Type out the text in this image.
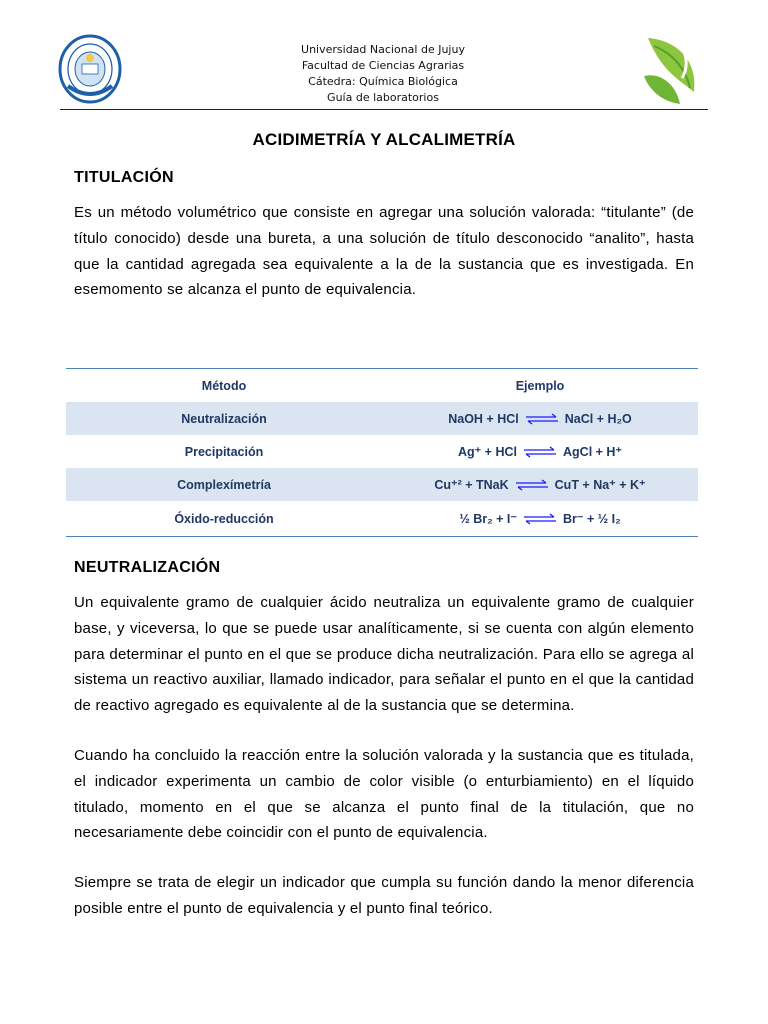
Universidad Nacional de Jujuy
Facultad de Ciencias Agrarias
Cátedra: Química Biológica
Guía de laboratorios
ACIDIMETRÍA Y ALCALIMETRÍA
TITULACIÓN
Es un método volumétrico que consiste en agregar una solución valorada: “titulante” (de título conocido) desde una bureta, a una solución de título desconocido “analito”, hasta que la cantidad agregada sea equivalente a la de la sustancia que es investigada. En esemomento se alcanza el punto de equivalencia.
Método	Ejemplo
Neutralización	NaOH + HCl ⇌ NaCl + H₂O
Precipitación	Ag⁺ + HCl ⇌ AgCl + H⁺
Complexímetría	Cu⁺² + TNaK ⇌ CuT + Na⁺ + K⁺
Óxido-reducción	½ Br₂ + I⁻ ⇌ Br⁻ + ½ I₂
NEUTRALIZACIÓN
Un equivalente gramo de cualquier ácido neutraliza un equivalente gramo de cualquier base, y viceversa, lo que se puede usar analíticamente, si se cuenta con algún elemento para determinar el punto en el que se produce dicha neutralización. Para ello se agrega al sistema un reactivo auxiliar, llamado indicador, para señalar el punto en el que la cantidad de reactivo agregado es equivalente al de la sustancia que se determina.
Cuando ha concluido la reacción entre la solución valorada y la sustancia que es titulada, el indicador experimenta un cambio de color visible (o enturbiamiento) en el líquido titulado, momento en el que se alcanza el punto final de la titulación, que no necesariamente debe coincidir con el punto de equivalencia.
Siempre se trata de elegir un indicador que cumpla su función dando la menor diferencia posible entre el punto de equivalencia y el punto final teórico.
